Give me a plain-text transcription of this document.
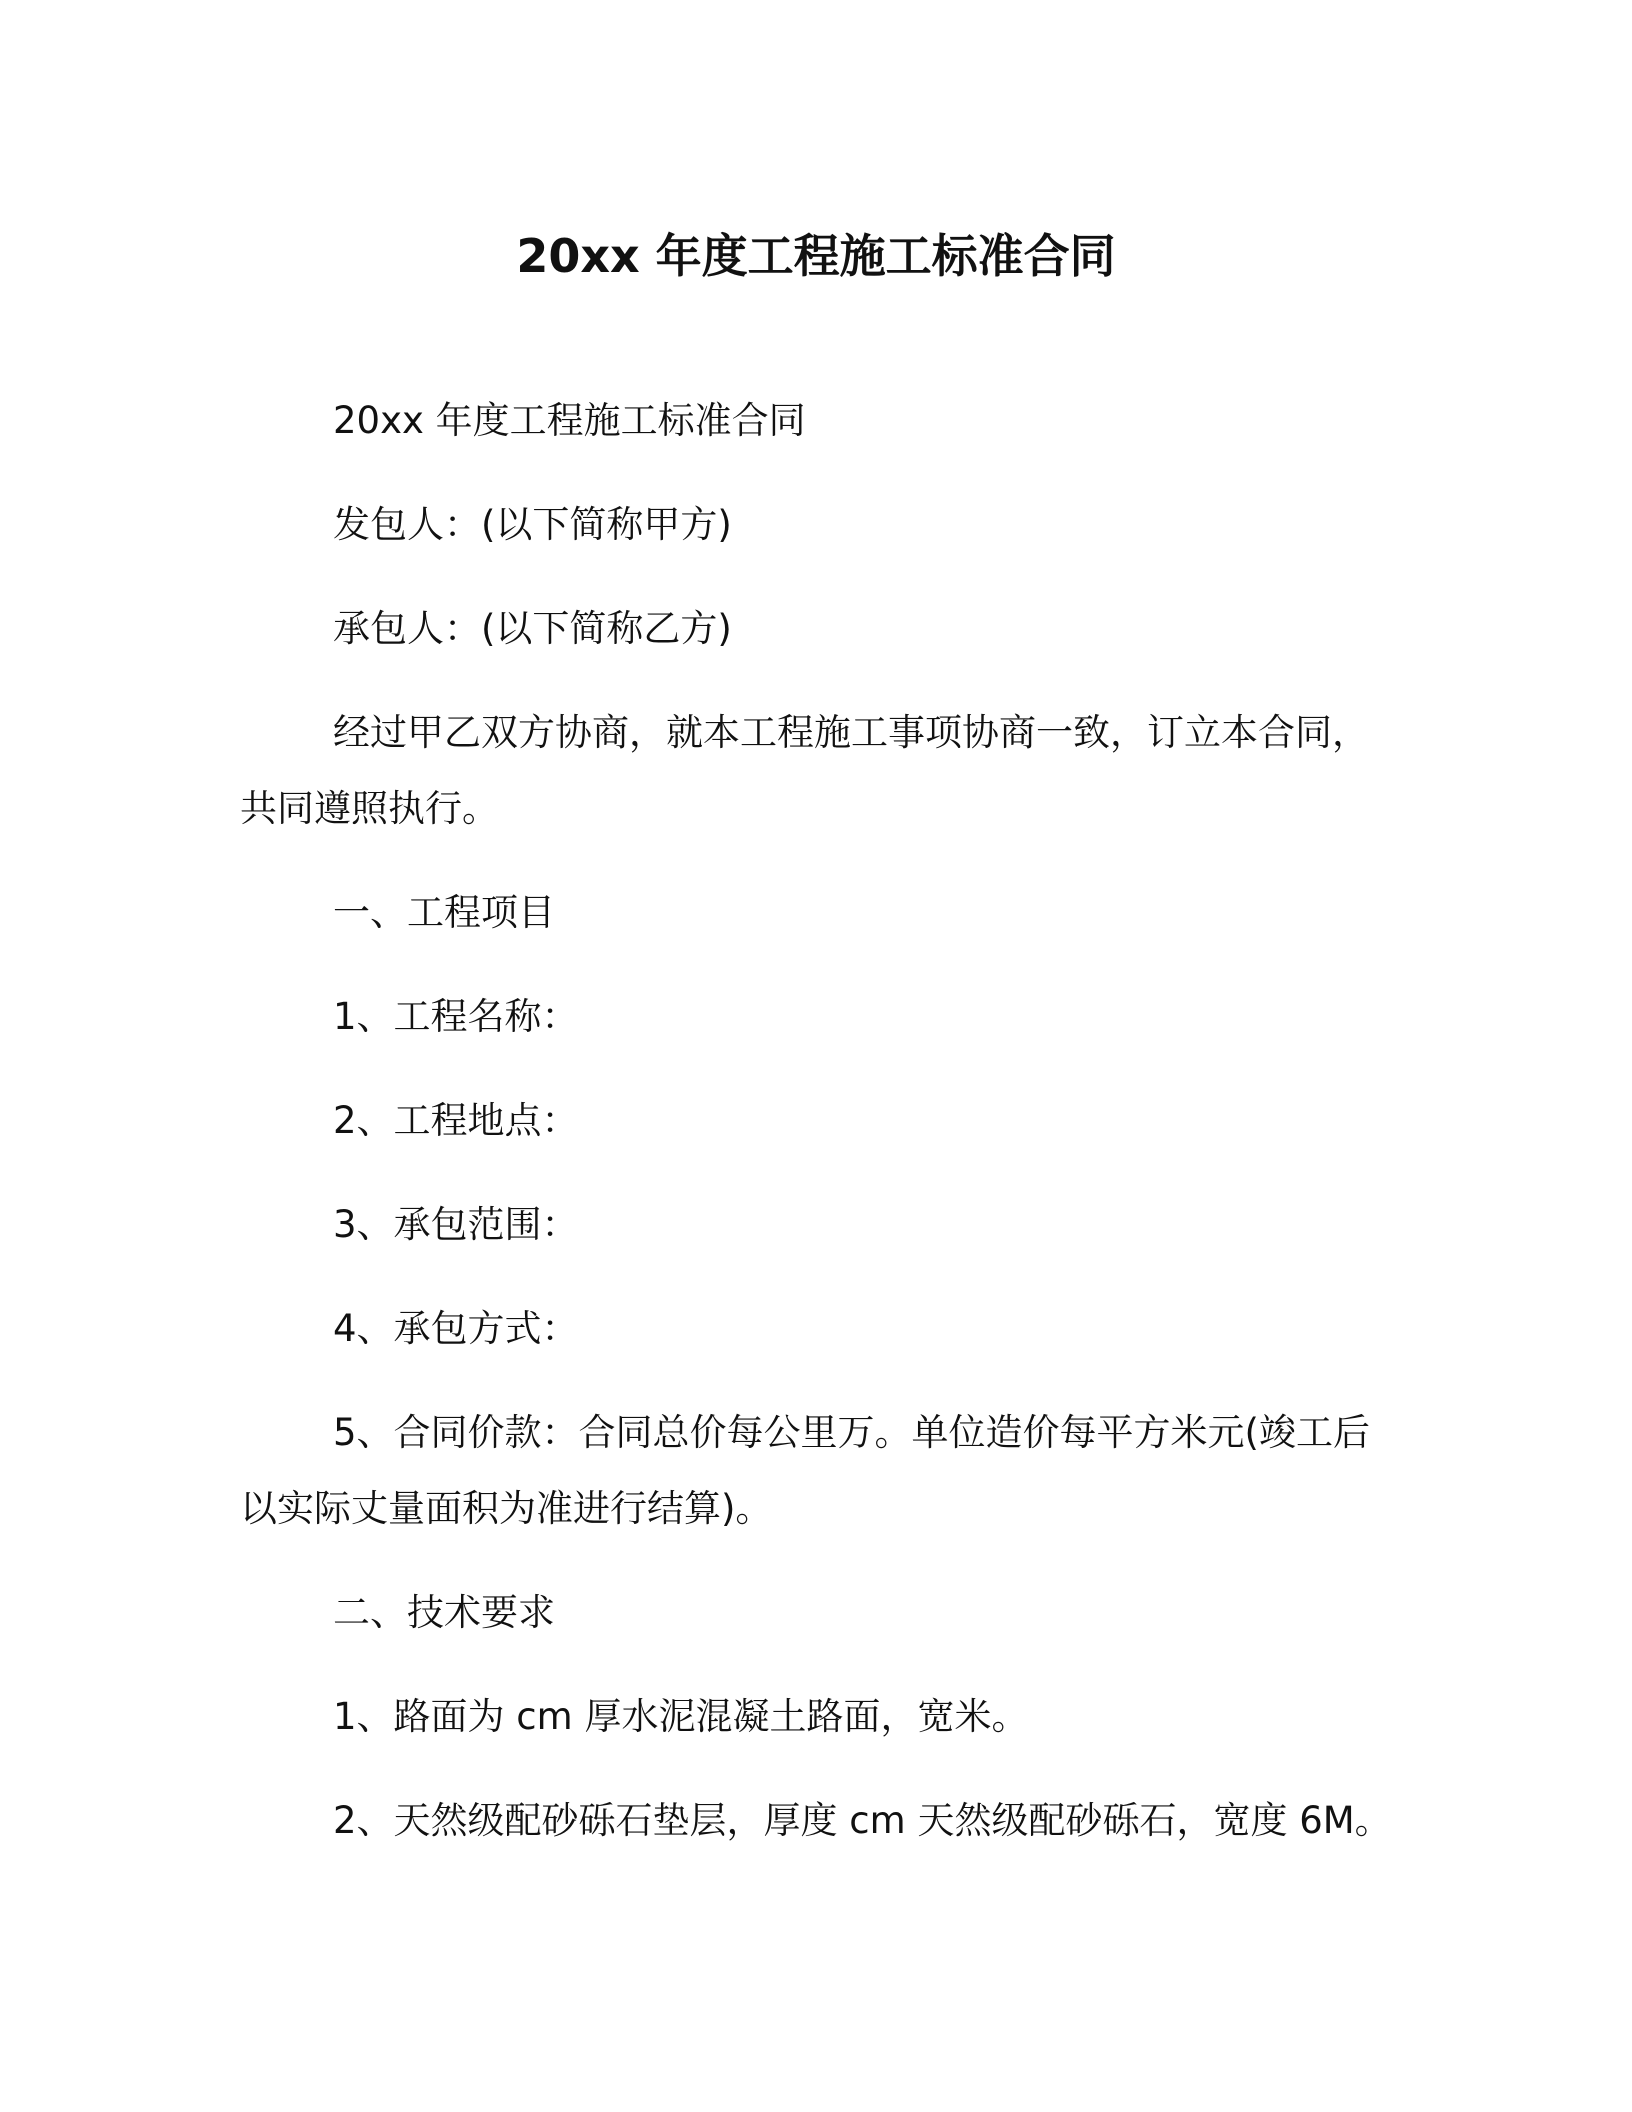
20xx 年度工程施工标准合同
20xx 年度工程施工标准合同
发包人：(以下简称甲方)
承包人：(以下简称乙方)
经过甲乙双方协商，就本工程施工事项协商一致，订立本合同，
共同遵照执行。
一、工程项目
1、工程名称：
2、工程地点：
3、承包范围：
4、承包方式：
5、合同价款：合同总价每公里万。单位造价每平方米元(竣工后
以实际丈量面积为准进行结算)。
二、技术要求
1、路面为 cm 厚水泥混凝土路面，宽米。
2、天然级配砂砾石垫层，厚度 cm 天然级配砂砾石，宽度 6M。
